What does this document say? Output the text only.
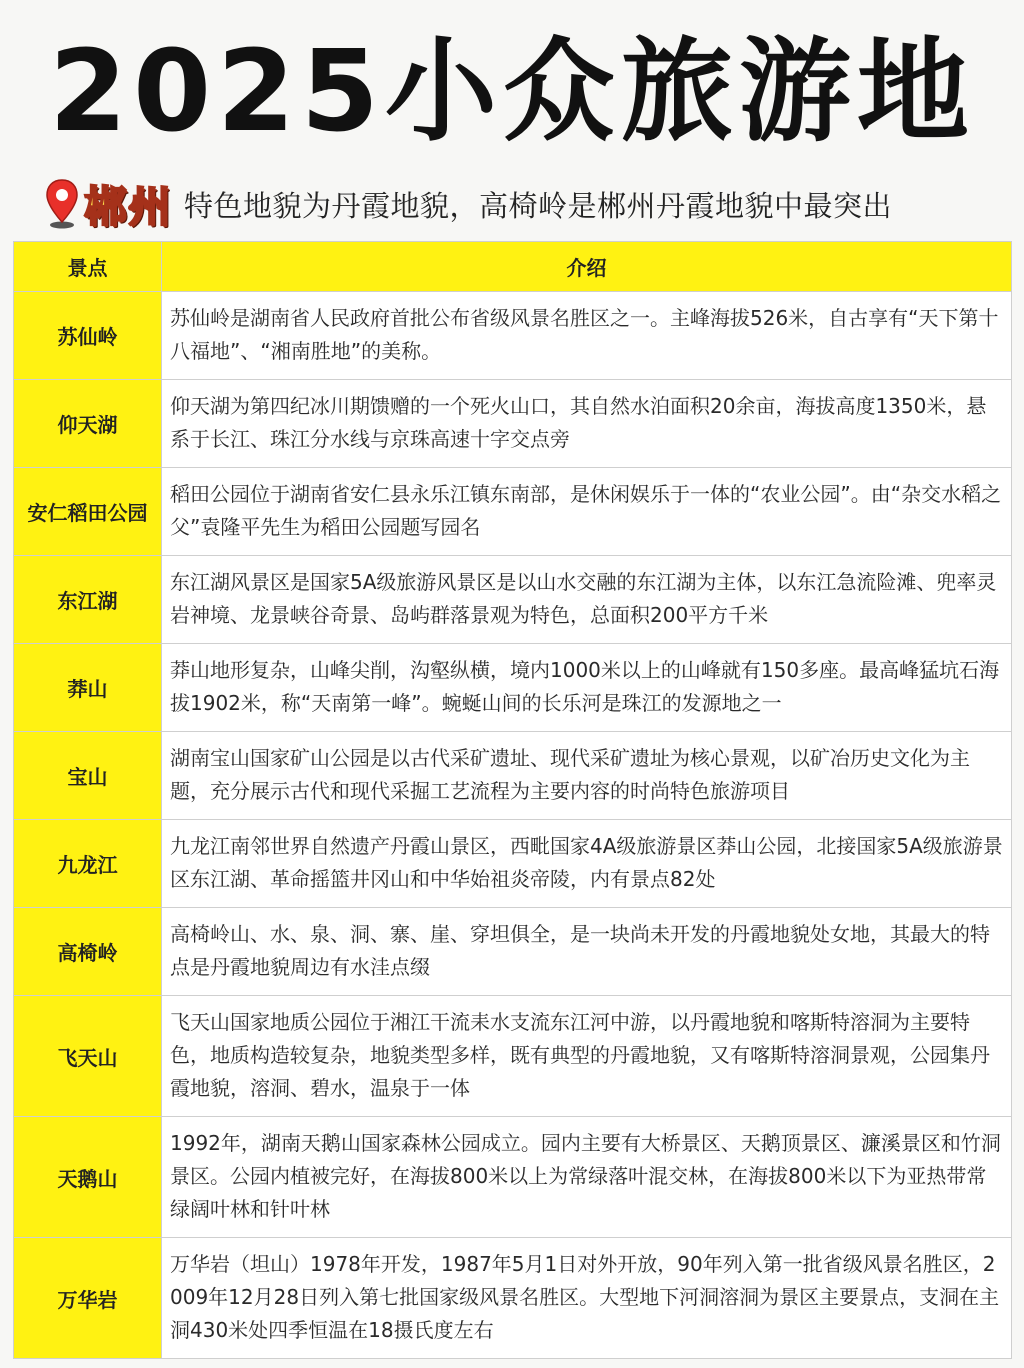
2025小众旅游地
郴州 特色地貌为丹霞地貌，高椅岭是郴州丹霞地貌中最突出
景点	介绍
苏仙岭	苏仙岭是湖南省人民政府首批公布省级风景名胜区之一。主峰海拔526米，自古享有“天下第十八福地”、“湘南胜地”的美称。
仰天湖	仰天湖为第四纪冰川期馈赠的一个死火山口，其自然水泊面积20余亩，海拔高度1350米，悬系于长江、珠江分水线与京珠高速十字交点旁
安仁稻田公园	稻田公园位于湖南省安仁县永乐江镇东南部，是休闲娱乐于一体的“农业公园”。由“杂交水稻之父”袁隆平先生为稻田公园题写园名
东江湖	东江湖风景区是国家5A级旅游风景区是以山水交融的东江湖为主体，以东江急流险滩、兜率灵岩神境、龙景峡谷奇景、岛屿群落景观为特色，总面积200平方千米
莽山	莽山地形复杂，山峰尖削，沟壑纵横，境内1000米以上的山峰就有150多座。最高峰猛坑石海拔1902米，称“天南第一峰”。蜿蜒山间的长乐河是珠江的发源地之一
宝山	湖南宝山国家矿山公园是以古代采矿遗址、现代采矿遗址为核心景观，以矿冶历史文化为主题，充分展示古代和现代采掘工艺流程为主要内容的时尚特色旅游项目
九龙江	九龙江南邻世界自然遗产丹霞山景区，西毗国家4A级旅游景区莽山公园，北接国家5A级旅游景区东江湖、革命摇篮井冈山和中华始祖炎帝陵，内有景点82处
高椅岭	高椅岭山、水、泉、洞、寨、崖、穿坦俱全，是一块尚未开发的丹霞地貌处女地，其最大的特点是丹霞地貌周边有水洼点缀
飞天山	飞天山国家地质公园位于湘江干流耒水支流东江河中游，以丹霞地貌和喀斯特溶洞为主要特色，地质构造较复杂，地貌类型多样，既有典型的丹霞地貌，又有喀斯特溶洞景观，公园集丹霞地貌，溶洞、碧水，温泉于一体
天鹅山	1992年，湖南天鹅山国家森林公园成立。园内主要有大桥景区、天鹅顶景区、濂溪景区和竹洞景区。公园内植被完好，在海拔800米以上为常绿落叶混交林，在海拔800米以下为亚热带常绿阔叶林和针叶林
万华岩	万华岩（坦山）1978年开发，1987年5月1日对外开放，90年列入第一批省级风景名胜区，2009年12月28日列入第七批国家级风景名胜区。大型地下河洞溶洞为景区主要景点，支洞在主洞430米处四季恒温在18摄氏度左右
